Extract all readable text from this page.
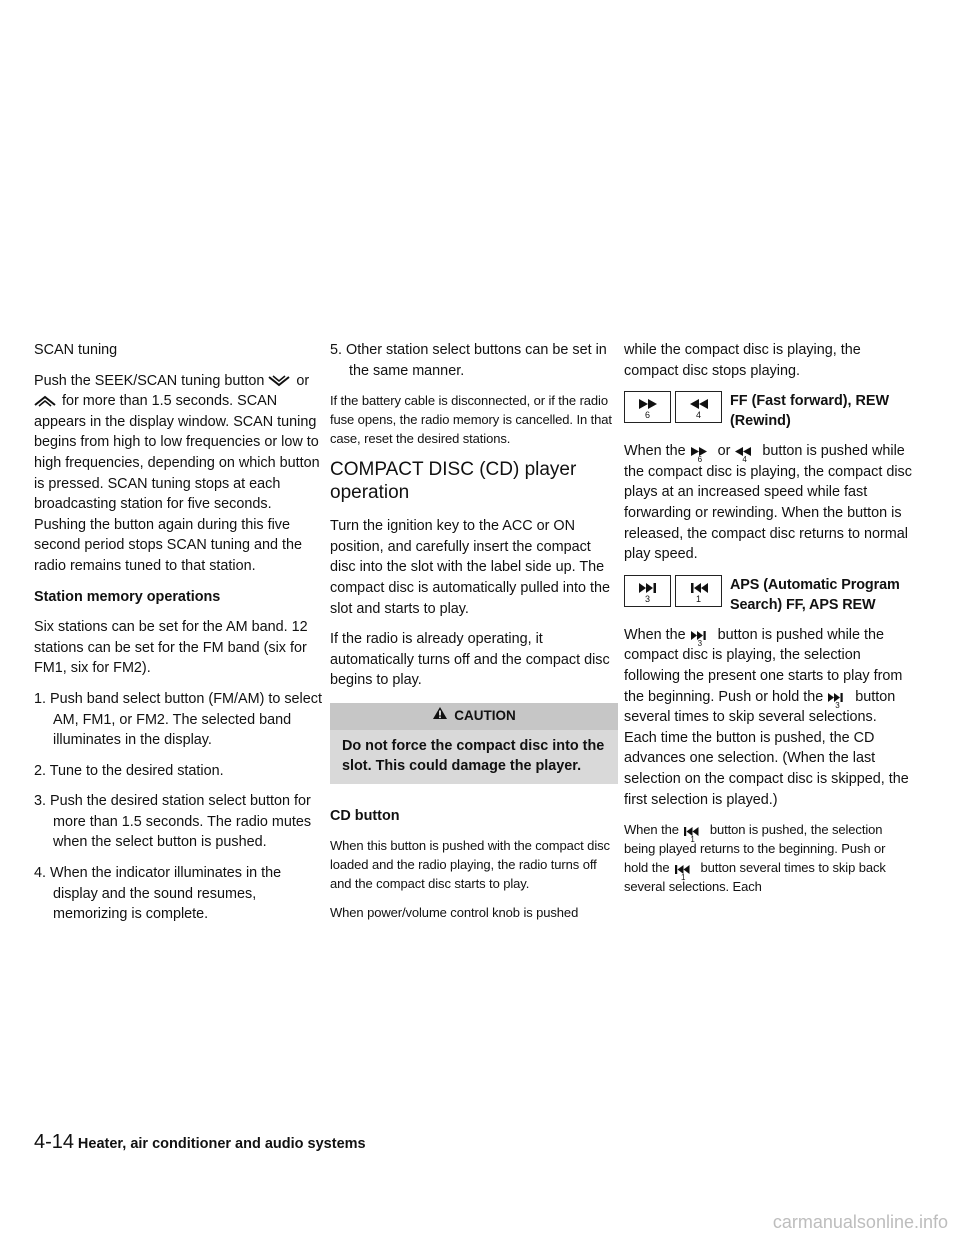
SCAN tuning

Push the SEEK/SCAN tuning button or
for more than 1.5 seconds. SCAN appears in the display window. SCAN tuning begins from high to low frequencies or low to high frequencies, depending on which button is pressed. SCAN tuning stops at each broadcasting station for five seconds. Pushing the button again during this five second period stops SCAN tuning and the radio remains tuned to that station.

Station memory operations

Six stations can be set for the AM band. 12 stations can be set for the FM band (six for FM1, six for FM2).

1. Push band select button (FM/AM) to select AM, FM1, or FM2. The selected band illuminates in the display.
2. Tune to the desired station.
3. Push the desired station select button for more than 1.5 seconds. The radio mutes when the select button is pushed.
4. When the indicator illuminates in the display and the sound resumes, memorizing is complete.
5. Other station select buttons can be set in the same manner.

If the battery cable is disconnected, or if the radio fuse opens, the radio memory is cancelled. In that case, reset the desired stations.

COMPACT DISC (CD) player operation

Turn the ignition key to the ACC or ON position, and carefully insert the compact disc into the slot with the label side up. The compact disc is automatically pulled into the slot and starts to play.

If the radio is already operating, it automatically turns off and the compact disc begins to play.

CAUTION
Do not force the compact disc into the slot. This could damage the player.

CD button

When this button is pushed with the compact disc loaded and the radio playing, the radio turns off and the compact disc starts to play.

When power/volume control knob is pushed

while the compact disc is playing, the compact disc stops playing.

6	4
FF (Fast forward), REW (Rewind)

When the
6
or
4
button is pushed while the compact disc is playing, the compact disc plays at an increased speed while fast forwarding or rewinding. When the button is released, the compact disc returns to normal play speed.

3	1
APS (Automatic Program Search) FF, APS REW

When the
3
button is pushed while the compact disc is playing, the selection following the present one starts to play from the beginning. Push or hold the
3
button several times to skip several selections. Each time the button is pushed, the CD advances one selection. (When the last selection on the compact disc is skipped, the first selection is played.)

When the
1
button is pushed, the selection being played returns to the beginning. Push or hold the
1
button several times to skip back several selections. Each

4-14 Heater, air conditioner and audio systems
carmanualsonline.info
